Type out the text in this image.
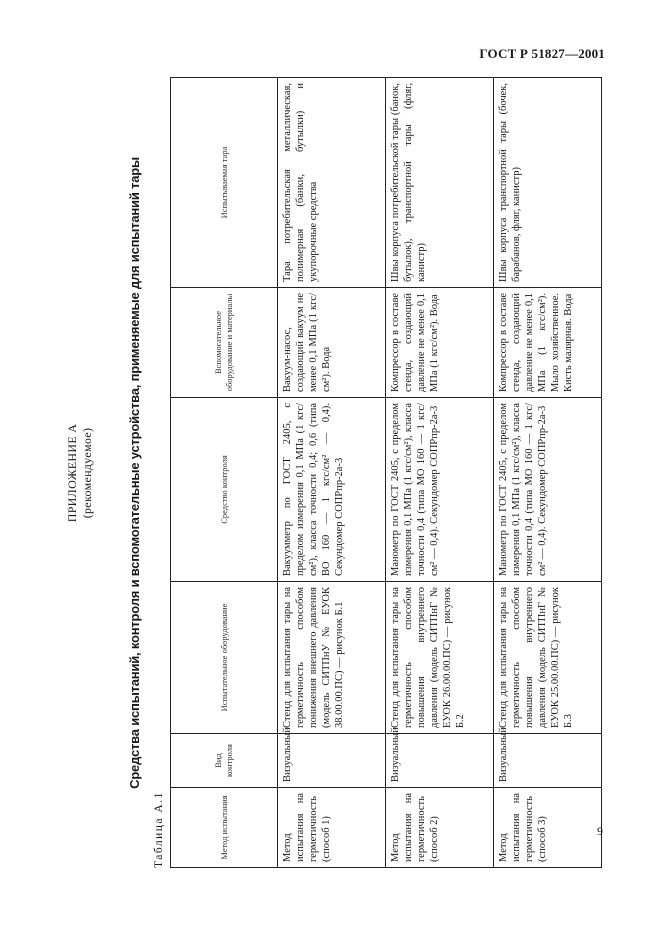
ГОСТ Р 51827—2001
ПРИЛОЖЕНИЕ А (рекомендуемое)	Средства испытаний, контроля и вспомогательные устройства, применяемые для испытаний тары
Таблица А.1	Метод испытания	Вид контроля	Испытательное оборудование	Средство контроля	Вспомогательное оборудование и материалы	Испытываемая тара
Метод испытания на герметичность (способ 1)	Визуальный	Стенд для испытания тары на герметичность способом понижения внешнего давления (модель СИТПнУ № ЕУОК 38.00.00.ПС) — рисунок Б.1	Вакуумметр по ГОСТ 2405, с пределом измерения 0,1 МПа (1 кгс/см²), класса точности 0,4; 0,6 (типа ВО 160 — 1 кгс/см² — 0,4). Секундомер СОПРпр-2а-3	Вакуум-насос, создающий вакуум не менее 0,1 МПа (1 кгс/см²). Вода	Тара потребительская металлическая, полимерная (банки, бутылки) и укупорочные средства
Метод испытания на герметичность (способ 2)	Визуальный	Стенд для испытания тары на герметичность способом повышения внутреннего давления (модель СИТПнГ № ЕУОК 26.00.00.ПС) — рисунок Б.2	Манометр по ГОСТ 2405, с пределом измерения 0,1 МПа (1 кгс/см²), класса точности 0,4 (типа МО 160 — 1 кгс/см² — 0,4). Секундомер СОПРпр-2а-3	Компрессор в составе стенда, создающий давление не менее 0,1 МПа (1 кгс/см²). Вода	Швы корпуса потребительской тары (банок, бутылок), транспортной тары (фляг, канистр)
Метод испытания на герметичность (способ 3)	Визуальный	Стенд для испытания тары на герметичность способом повышения внутреннего давления (модель СИТПнГ № ЕУОК 25.00.00.ПС) — рисунок Б.3	Манометр по ГОСТ 2405, с пределом измерения 0,1 МПа (1 кгс/см²), класса точности 0,4 (типа МО 160 — 1 кгс/см² — 0,4). Секундомер СОПРпр-2а-3	Компрессор в составе стенда, создающий давление не менее 0,1 МПа (1 кгс/см²). Мыло хозяйственное. Кисть малярная. Вода	Швы корпуса транспортной тары (бочек, барабанов, фляг, канистр)
9
